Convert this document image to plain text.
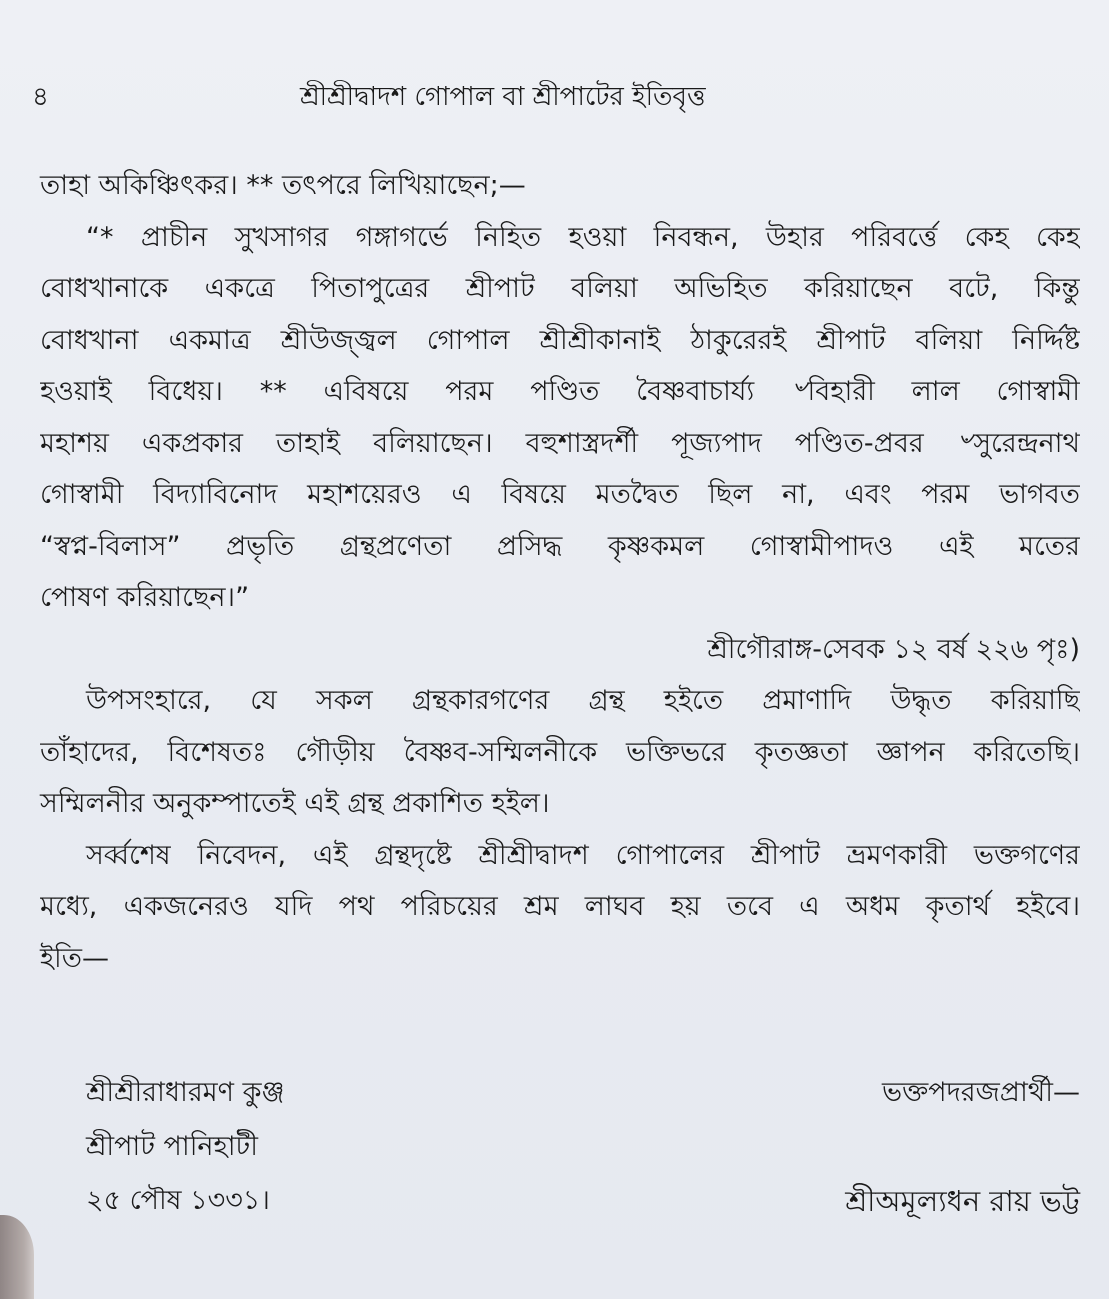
৪	শ্রীশ্রীদ্বাদশ গোপাল বা শ্রীপাটের ইতিবৃত্ত
তাহা অকিঞ্চিৎকর। ** তৎপরে লিখিয়াছেন;—
“* প্রাচীন সুখসাগর গঙ্গাগর্ভে নিহিত হওয়া নিবন্ধন, উহার পরিবর্ত্তে কেহ কেহ
বোধখানাকে একত্রে পিতাপুত্রের শ্রীপাট বলিয়া অভিহিত করিয়াছেন বটে, কিন্তু
বোধখানা একমাত্র শ্রীউজ্জ্বল গোপাল শ্রীশ্রীকানাই ঠাকুরেরই শ্রীপাট বলিয়া নির্দ্দিষ্ট
হওয়াই বিধেয়। ** এবিষয়ে পরম পণ্ডিত বৈষ্ণবাচার্য্য ৺বিহারী লাল গোস্বামী
মহাশয় একপ্রকার তাহাই বলিয়াছেন। বহুশাস্ত্রদর্শী পূজ্যপাদ পণ্ডিত-প্রবর ৺সুরেন্দ্রনাথ
গোস্বামী বিদ্যাবিনোদ মহাশয়েরও এ বিষয়ে মতদ্বৈত ছিল না, এবং পরম ভাগবত
“স্বপ্ন-বিলাস” প্রভৃতি গ্রন্থপ্রণেতা প্রসিদ্ধ কৃষ্ণকমল গোস্বামীপাদও এই মতের
পোষণ করিয়াছেন।”
শ্রীগৌরাঙ্গ-সেবক ১২ বর্ষ ২২৬ পৃঃ)
উপসংহারে, যে সকল গ্রন্থকারগণের গ্রন্থ হইতে প্রমাণাদি উদ্ধৃত করিয়াছি
তাঁহাদের, বিশেষতঃ গৌড়ীয় বৈষ্ণব-সম্মিলনীকে ভক্তিভরে কৃতজ্ঞতা জ্ঞাপন করিতেছি।
সম্মিলনীর অনুকম্পাতেই এই গ্রন্থ প্রকাশিত হইল।
সর্ব্বশেষ নিবেদন, এই গ্রন্থদৃষ্টে শ্রীশ্রীদ্বাদশ গোপালের শ্রীপাট ভ্রমণকারী ভক্তগণের
মধ্যে, একজনেরও যদি পথ পরিচয়ের শ্রম লাঘব হয় তবে এ অধম কৃতার্থ হইবে।
ইতি—
শ্রীশ্রীরাধারমণ কুঞ্জ
শ্রীপাট পানিহাটী
২৫ পৌষ ১৩৩১।
ভক্তপদরজপ্রার্থী—
শ্রীঅমূল্যধন রায় ভট্ট
